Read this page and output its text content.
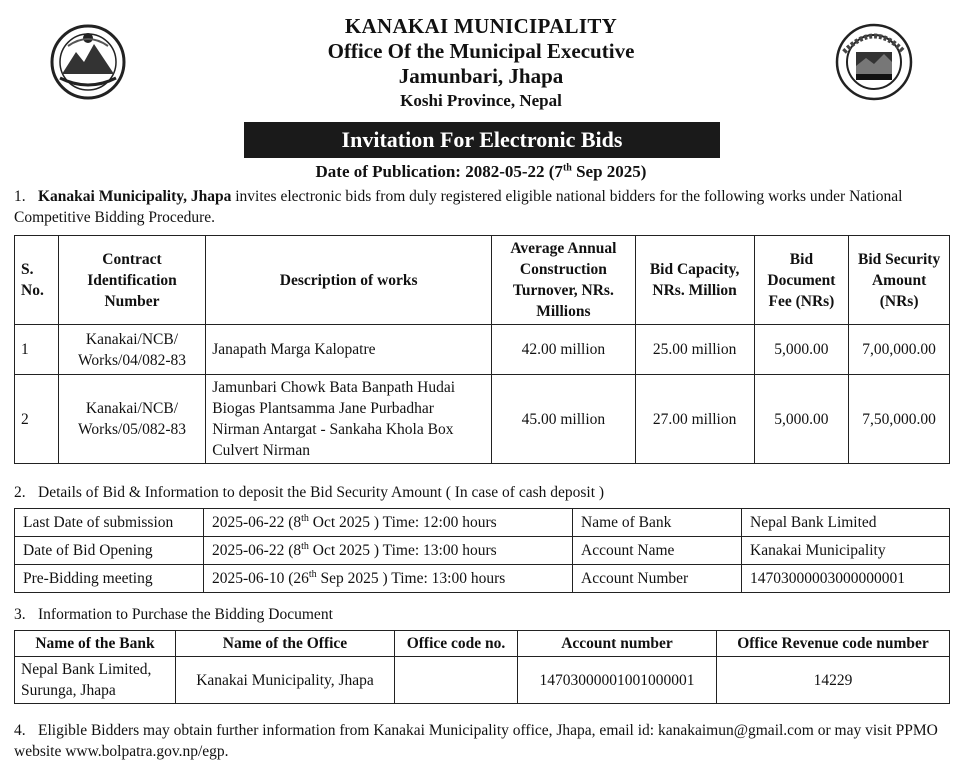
KANAKAI MUNICIPALITY
Office Of the Municipal Executive
Jamunbari, Jhapa
Koshi Province, Nepal
Invitation For Electronic Bids
Date of Publication: 2082-05-22 (7th Sep 2025)
1. Kanakai Municipality, Jhapa invites electronic bids from duly registered eligible national bidders for the following works under National Competitive Bidding Procedure.
S. No.	Contract Identification Number	Description of works	Average Annual Construction Turnover, NRs. Millions	Bid Capacity, NRs. Million	Bid Document Fee (NRs)	Bid Security Amount (NRs)
1	Kanakai/NCB/ Works/04/082-83	Janapath Marga Kalopatre	42.00 million	25.00 million	5,000.00	7,00,000.00
2	Kanakai/NCB/ Works/05/082-83	Jamunbari Chowk Bata Banpath Hudai Biogas Plantsamma Jane Purbadhar Nirman Antargat - Sankaha Khola Box Culvert Nirman	45.00 million	27.00 million	5,000.00	7,50,000.00
2. Details of Bid & Information to deposit the Bid Security Amount ( In case of cash deposit )
Last Date of submission	2025-06-22 (8th Oct 2025 ) Time: 12:00 hours	Name of Bank	Nepal Bank Limited
Date of Bid Opening	2025-06-22 (8th Oct 2025 ) Time: 13:00 hours	Account Name	Kanakai Municipality
Pre-Bidding meeting	2025-06-10 (26th Sep 2025 ) Time: 13:00 hours	Account Number	14703000003000000001
3. Information to Purchase the Bidding Document
Name of the Bank	Name of the Office	Office code no.	Account number	Office Revenue code number
Nepal Bank Limited, Surunga, Jhapa	Kanakai Municipality, Jhapa		14703000001001000001	14229
4. Eligible Bidders may obtain further information from Kanakai Municipality office, Jhapa, email id: kanakaimun@gmail.com or may visit PPMO website www.bolpatra.gov.np/egp.
